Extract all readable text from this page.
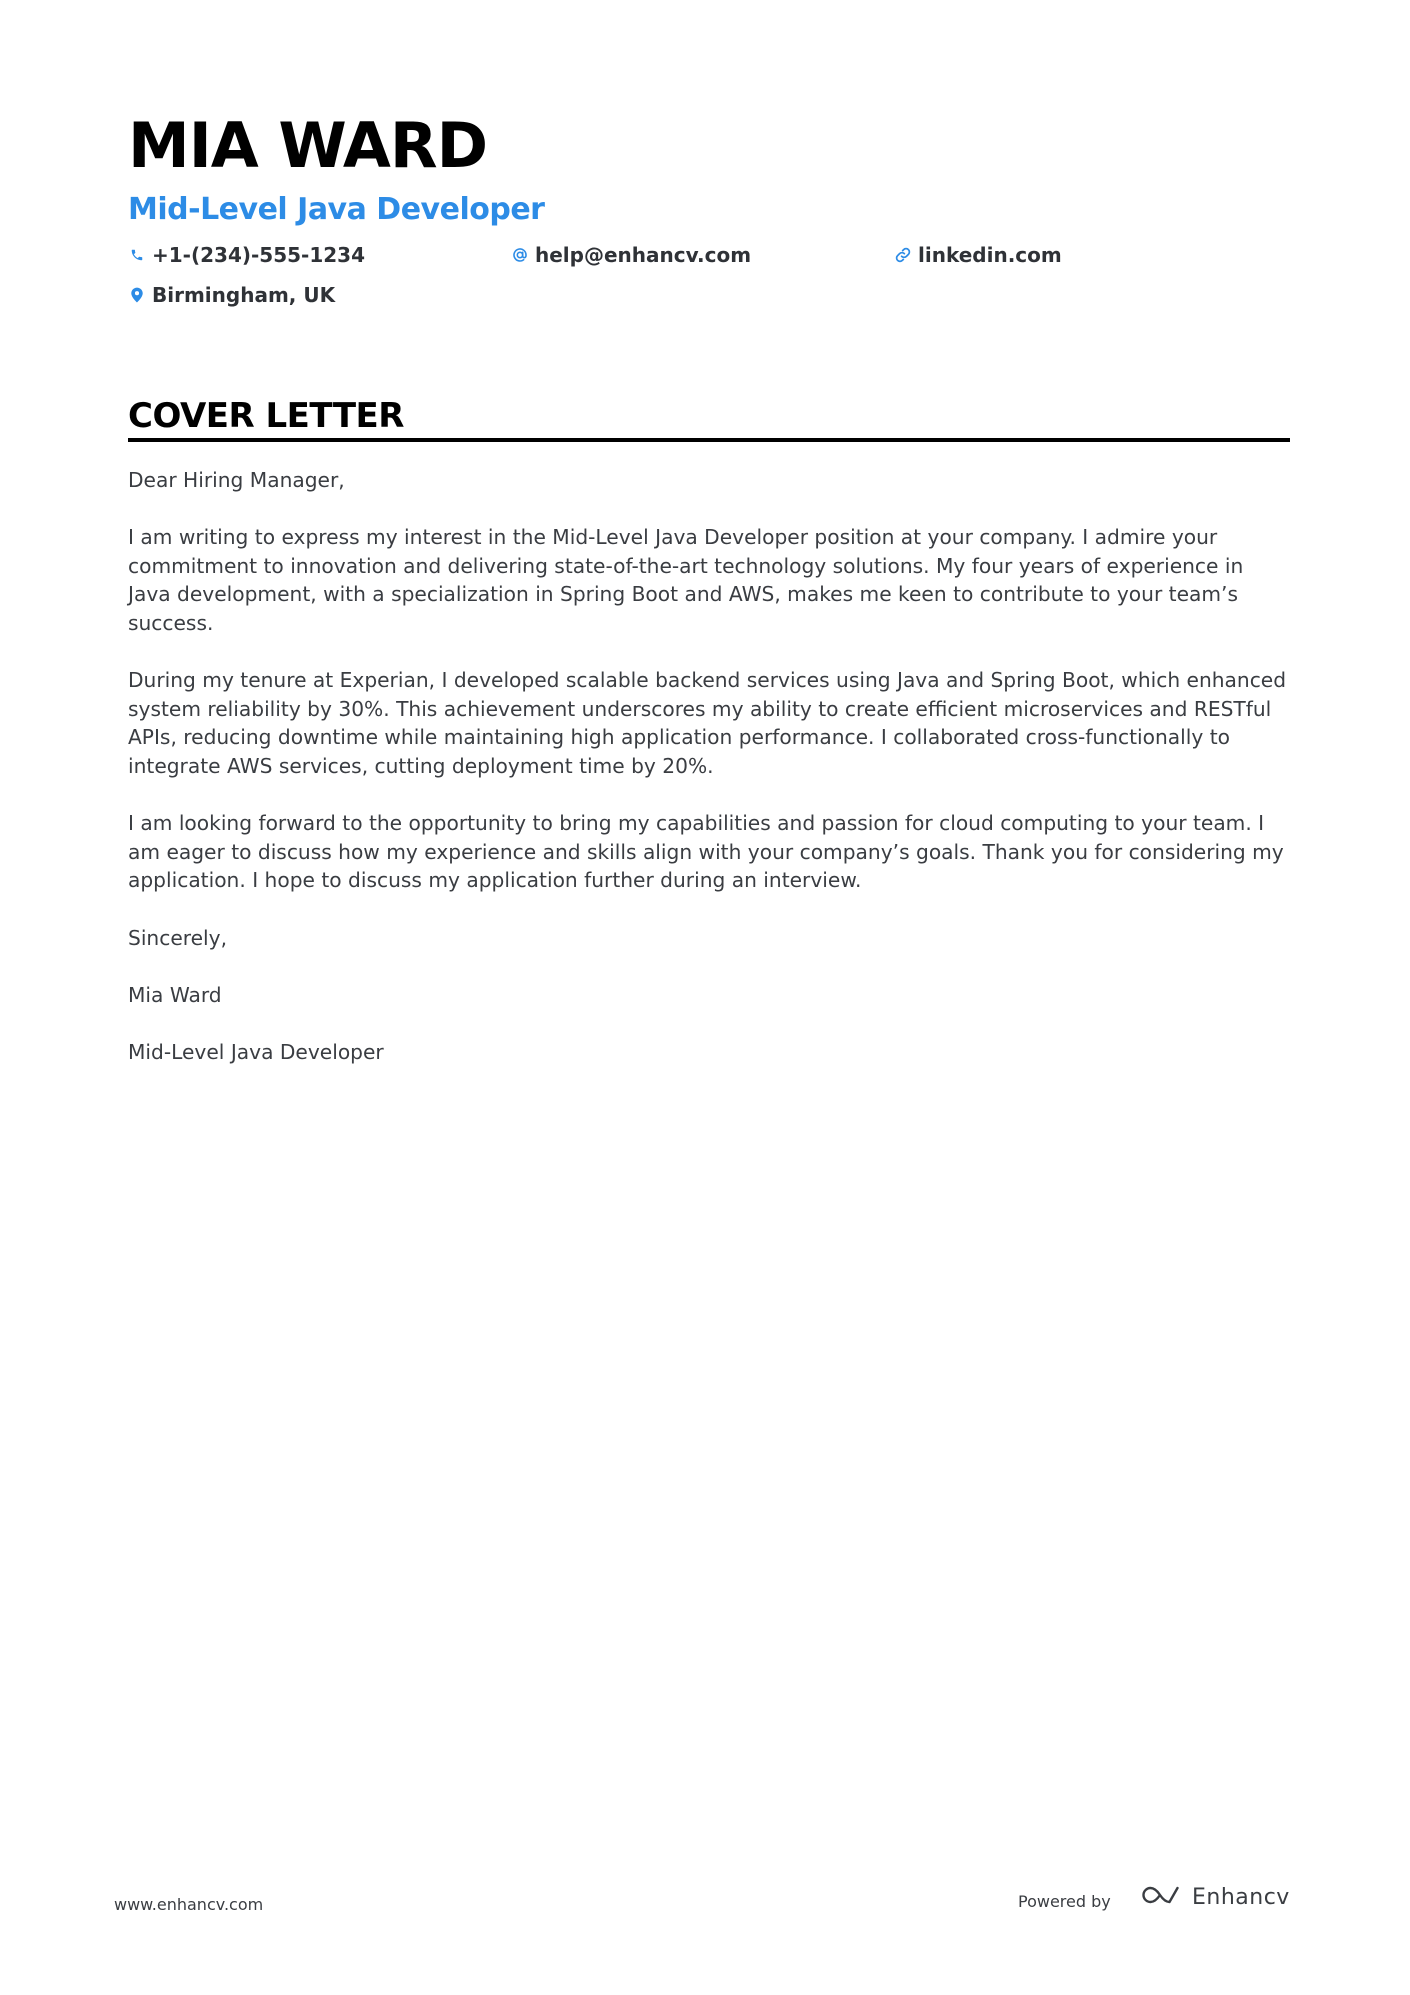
MIA WARD
Mid-Level Java Developer
+1-(234)-555-1234	help@enhancv.com	linkedin.com
Birmingham, UK
COVER LETTER

Dear Hiring Manager,

I am writing to express my interest in the Mid-Level Java Developer position at your company. I admire your commitment to innovation and delivering state-of-the-art technology solutions. My four years of experience in Java development, with a specialization in Spring Boot and AWS, makes me keen to contribute to your team’s success.

During my tenure at Experian, I developed scalable backend services using Java and Spring Boot, which enhanced system reliability by 30%. This achievement underscores my ability to create efficient microservices and RESTful APIs, reducing downtime while maintaining high application performance. I collaborated cross-functionally to integrate AWS services, cutting deployment time by 20%.

I am looking forward to the opportunity to bring my capabilities and passion for cloud computing to your team. I am eager to discuss how my experience and skills align with your company’s goals. Thank you for considering my application. I hope to discuss my application further during an interview.

Sincerely,

Mia Ward

Mid-Level Java Developer

www.enhancv.com	Powered by	Enhancv
